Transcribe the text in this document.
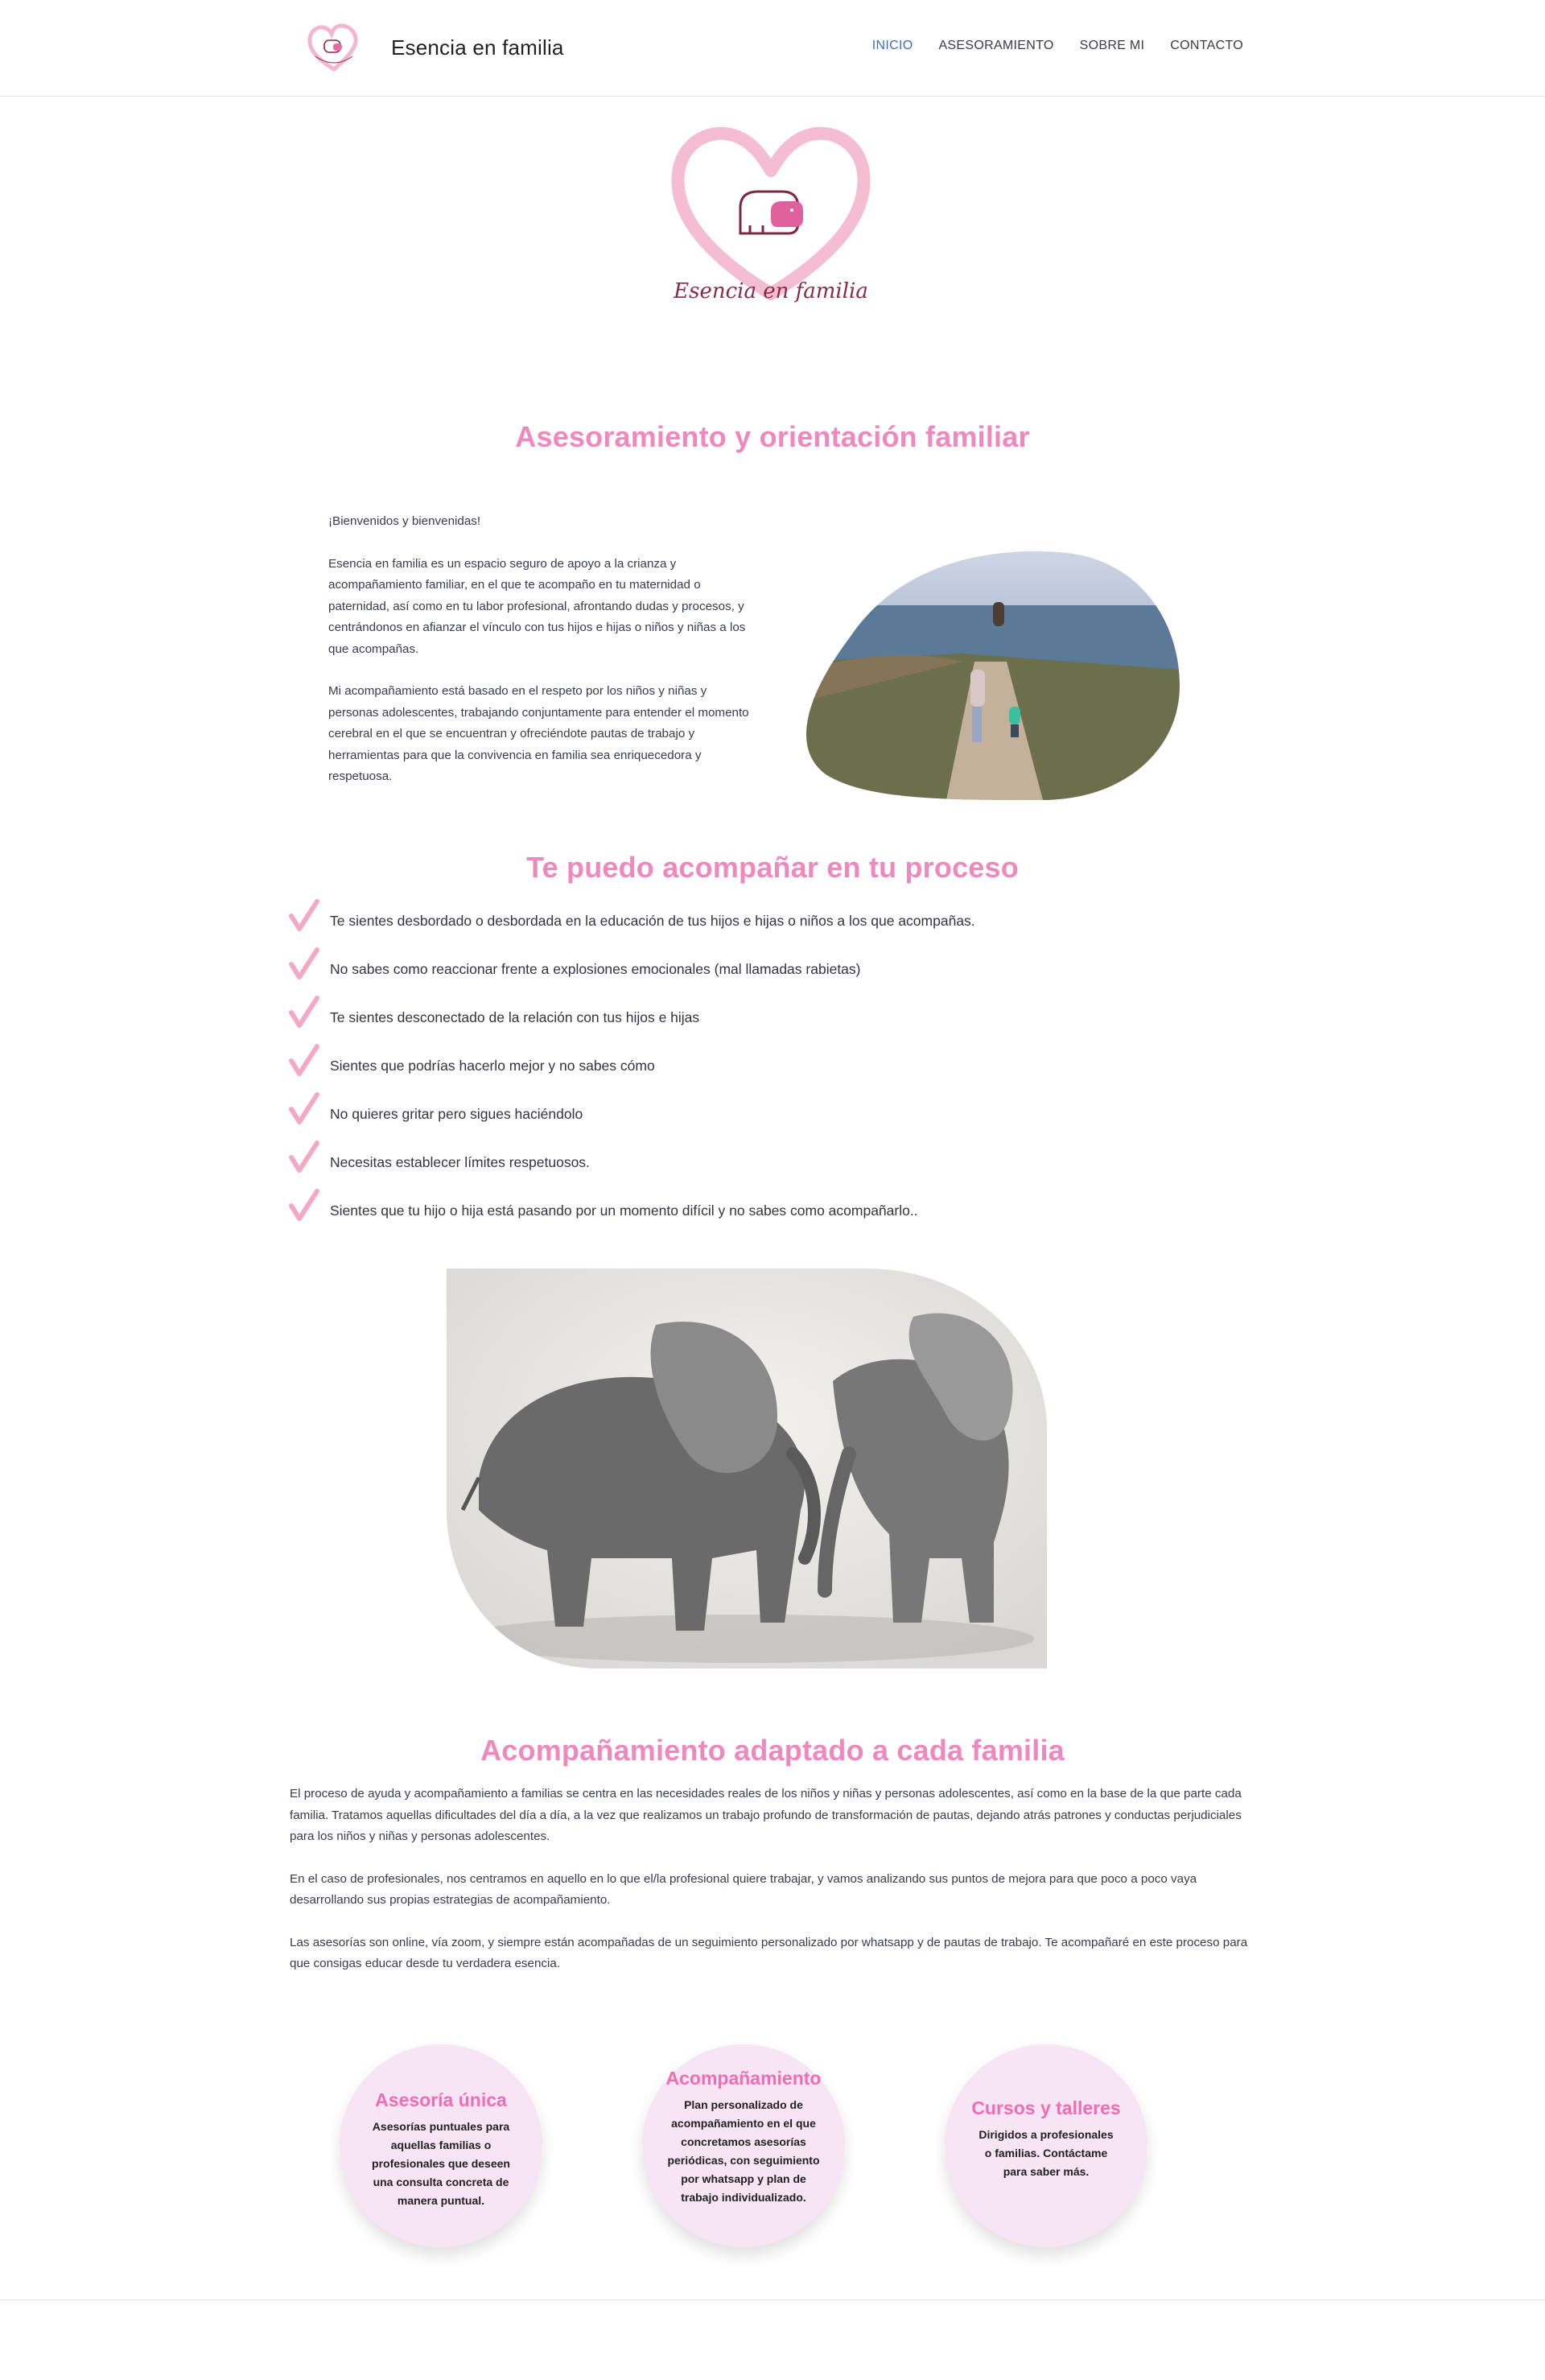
Esencia en familia	INICIO ASESORAMIENTO SOBRE MI CONTACTO
Esencia en familia
Asesoramiento y orientación familiar

¡Bienvenidos y bienvenidas!

Esencia en familia es un espacio seguro de apoyo a la crianza y acompañamiento familiar, en el que te acompaño en tu maternidad o paternidad, así como en tu labor profesional, afrontando dudas y procesos, y centrándonos en afianzar el vínculo con tus hijos e hijas o niños y niñas a los que acompañas.

Mi acompañamiento está basado en el respeto por los niños y niñas y personas adolescentes, trabajando conjuntamente para entender el momento cerebral en el que se encuentran y ofreciéndote pautas de trabajo y herramientas para que la convivencia en familia sea enriquecedora y respetuosa.

Te puedo acompañar en tu proceso
Te sientes desbordado o desbordada en la educación de tus hijos e hijas o niños a los que acompañas.
No sabes como reaccionar frente a explosiones emocionales (mal llamadas rabietas)
Te sientes desconectado de la relación con tus hijos e hijas
Sientes que podrías hacerlo mejor y no sabes cómo
No quieres gritar pero sigues haciéndolo
Necesitas establecer límites respetuosos.
Sientes que tu hijo o hija está pasando por un momento difícil y no sabes como acompañarlo..
Acompañamiento adaptado a cada familia

El proceso de ayuda y acompañamiento a familias se centra en las necesidades reales de los niños y niñas y personas adolescentes, así como en la base de la que parte cada familia. Tratamos aquellas dificultades del día a día, a la vez que realizamos un trabajo profundo de transformación de pautas, dejando atrás patrones y conductas perjudiciales para los niños y niñas y personas adolescentes.

En el caso de profesionales, nos centramos en aquello en lo que el/la profesional quiere trabajar, y vamos analizando sus puntos de mejora para que poco a poco vaya desarrollando sus propias estrategias de acompañamiento.

Las asesorías son online, vía zoom, y siempre están acompañadas de un seguimiento personalizado por whatsapp y de pautas de trabajo. Te acompañaré en este proceso para que consigas educar desde tu verdadera esencia.

Asesoría única

Asesorías puntuales para aquellas familias o profesionales que deseen una consulta concreta de manera puntual.

Acompañamiento

Plan personalizado de acompañamiento en el que concretamos asesorías periódicas, con seguimiento por whatsapp y plan de trabajo individualizado.

Cursos y talleres

Dirigidos a profesionales o familias. Contáctame para saber más.
